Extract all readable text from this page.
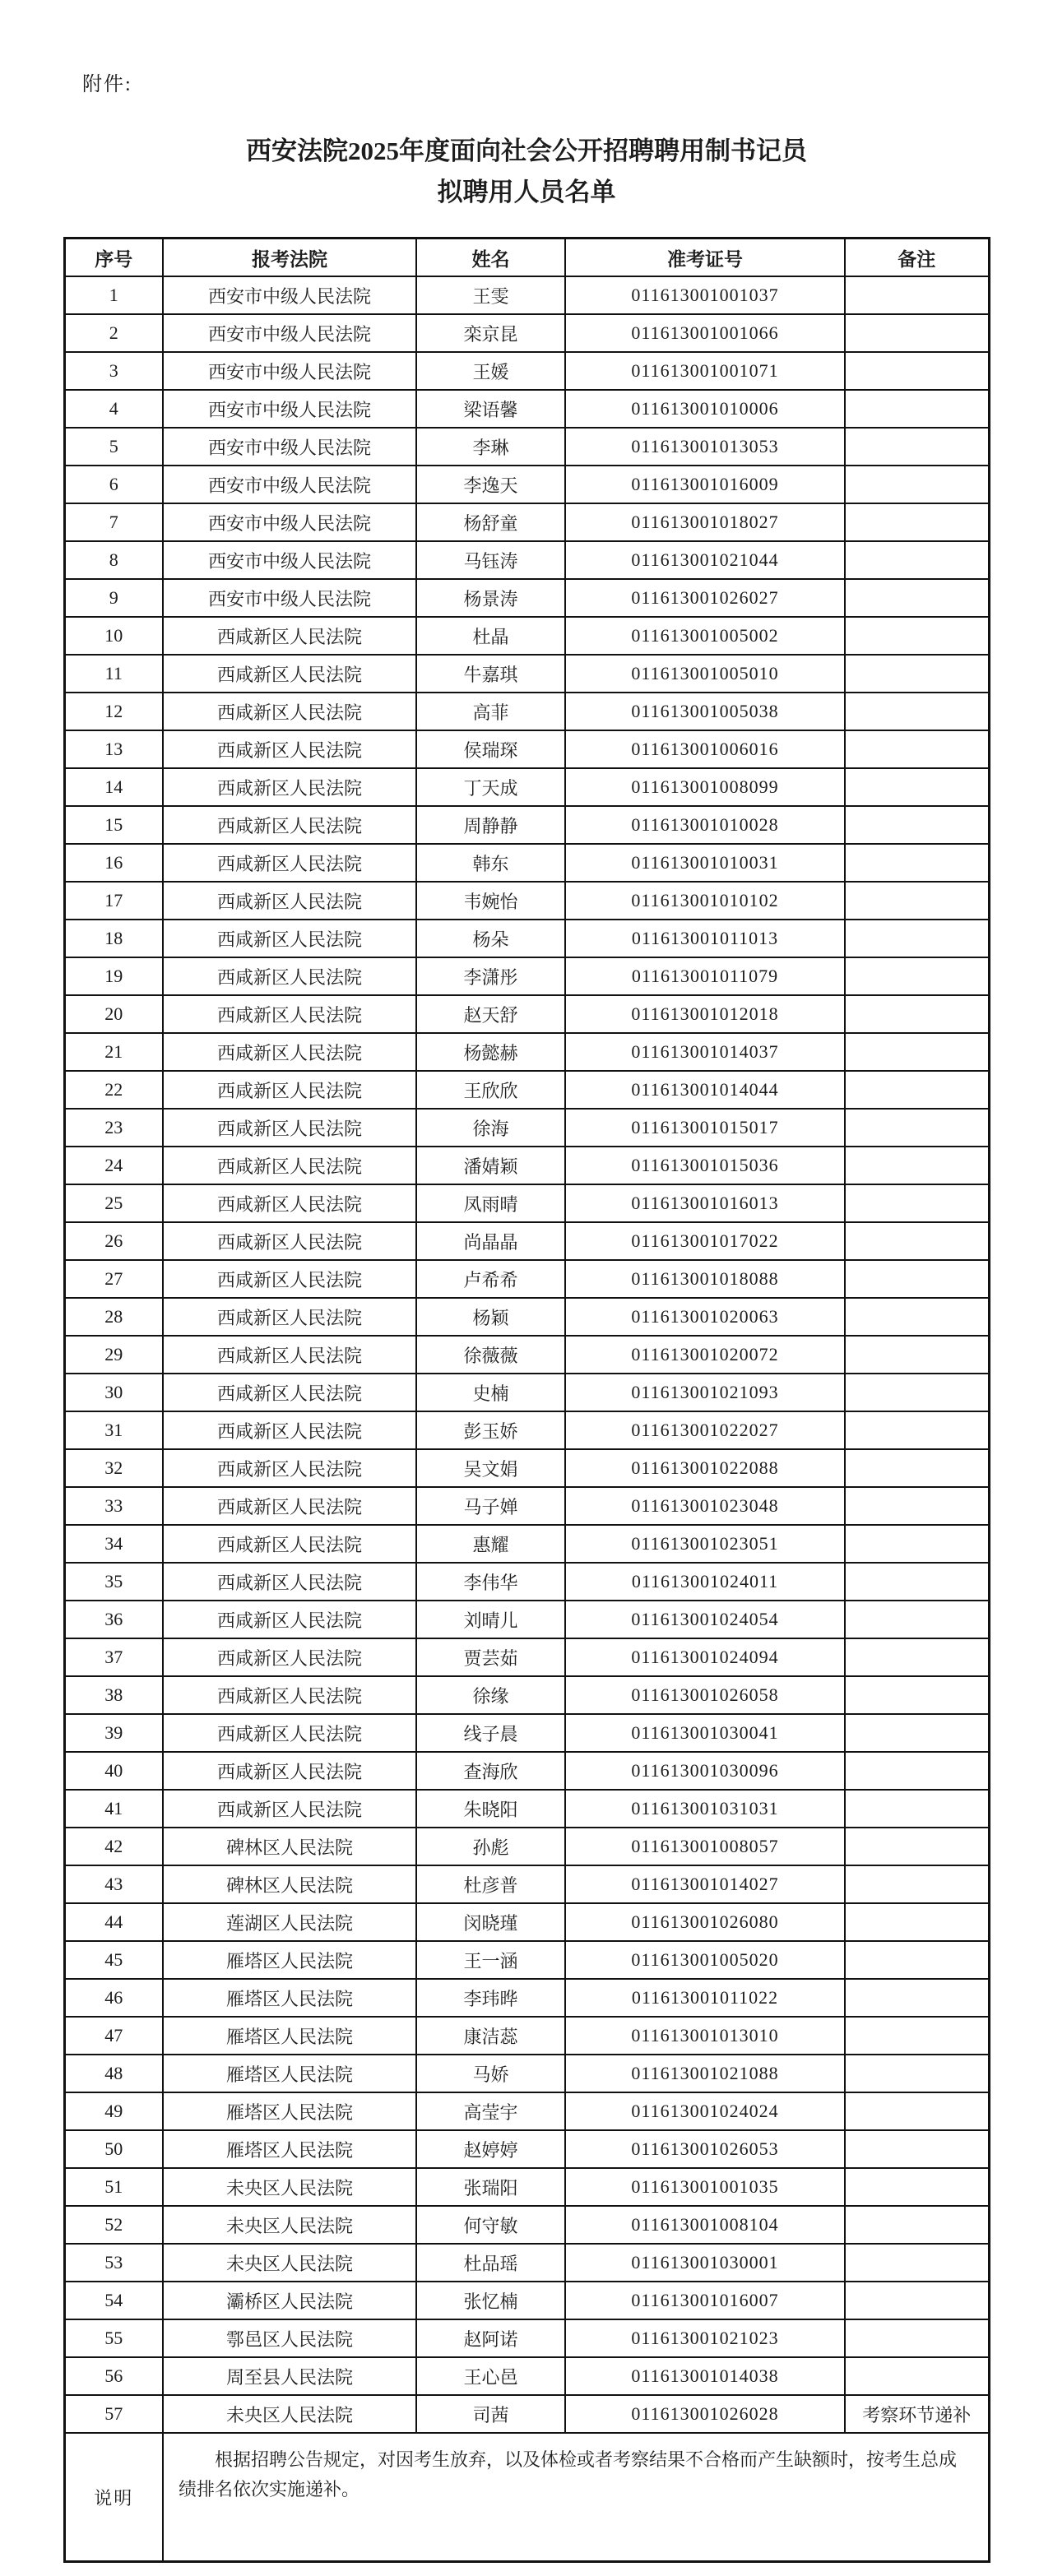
附件:
西安法院2025年度面向社会公开招聘聘用制书记员
拟聘用人员名单
序号	报考法院	姓名	准考证号	备注
1	西安市中级人民法院	王雯	011613001001037	
2	西安市中级人民法院	栾京昆	011613001001066	
3	西安市中级人民法院	王媛	011613001001071	
4	西安市中级人民法院	梁语馨	011613001010006	
5	西安市中级人民法院	李琳	011613001013053	
6	西安市中级人民法院	李逸天	011613001016009	
7	西安市中级人民法院	杨舒童	011613001018027	
8	西安市中级人民法院	马钰涛	011613001021044	
9	西安市中级人民法院	杨景涛	011613001026027	
10	西咸新区人民法院	杜晶	011613001005002	
11	西咸新区人民法院	牛嘉琪	011613001005010	
12	西咸新区人民法院	高菲	011613001005038	
13	西咸新区人民法院	侯瑞琛	011613001006016	
14	西咸新区人民法院	丁天成	011613001008099	
15	西咸新区人民法院	周静静	011613001010028	
16	西咸新区人民法院	韩东	011613001010031	
17	西咸新区人民法院	韦婉怡	011613001010102	
18	西咸新区人民法院	杨朵	011613001011013	
19	西咸新区人民法院	李潇彤	011613001011079	
20	西咸新区人民法院	赵天舒	011613001012018	
21	西咸新区人民法院	杨懿赫	011613001014037	
22	西咸新区人民法院	王欣欣	011613001014044	
23	西咸新区人民法院	徐海	011613001015017	
24	西咸新区人民法院	潘婧颖	011613001015036	
25	西咸新区人民法院	凤雨晴	011613001016013	
26	西咸新区人民法院	尚晶晶	011613001017022	
27	西咸新区人民法院	卢希希	011613001018088	
28	西咸新区人民法院	杨颖	011613001020063	
29	西咸新区人民法院	徐薇薇	011613001020072	
30	西咸新区人民法院	史楠	011613001021093	
31	西咸新区人民法院	彭玉娇	011613001022027	
32	西咸新区人民法院	吴文娟	011613001022088	
33	西咸新区人民法院	马子婵	011613001023048	
34	西咸新区人民法院	惠耀	011613001023051	
35	西咸新区人民法院	李伟华	011613001024011	
36	西咸新区人民法院	刘晴儿	011613001024054	
37	西咸新区人民法院	贾芸茹	011613001024094	
38	西咸新区人民法院	徐缘	011613001026058	
39	西咸新区人民法院	线子晨	011613001030041	
40	西咸新区人民法院	查海欣	011613001030096	
41	西咸新区人民法院	朱晓阳	011613001031031	
42	碑林区人民法院	孙彪	011613001008057	
43	碑林区人民法院	杜彦普	011613001014027	
44	莲湖区人民法院	闵晓瑾	011613001026080	
45	雁塔区人民法院	王一涵	011613001005020	
46	雁塔区人民法院	李玮晔	011613001011022	
47	雁塔区人民法院	康洁蕊	011613001013010	
48	雁塔区人民法院	马娇	011613001021088	
49	雁塔区人民法院	高莹宇	011613001024024	
50	雁塔区人民法院	赵婷婷	011613001026053	
51	未央区人民法院	张瑞阳	011613001001035	
52	未央区人民法院	何守敏	011613001008104	
53	未央区人民法院	杜品瑶	011613001030001	
54	灞桥区人民法院	张忆楠	011613001016007	
55	鄠邑区人民法院	赵阿诺	011613001021023	
56	周至县人民法院	王心邑	011613001014038	
57	未央区人民法院	司茜	011613001026028	考察环节递补
说明	根据招聘公告规定，对因考生放弃，以及体检或者考察结果不合格而产生缺额时，按考生总成绩排名依次实施递补。			
